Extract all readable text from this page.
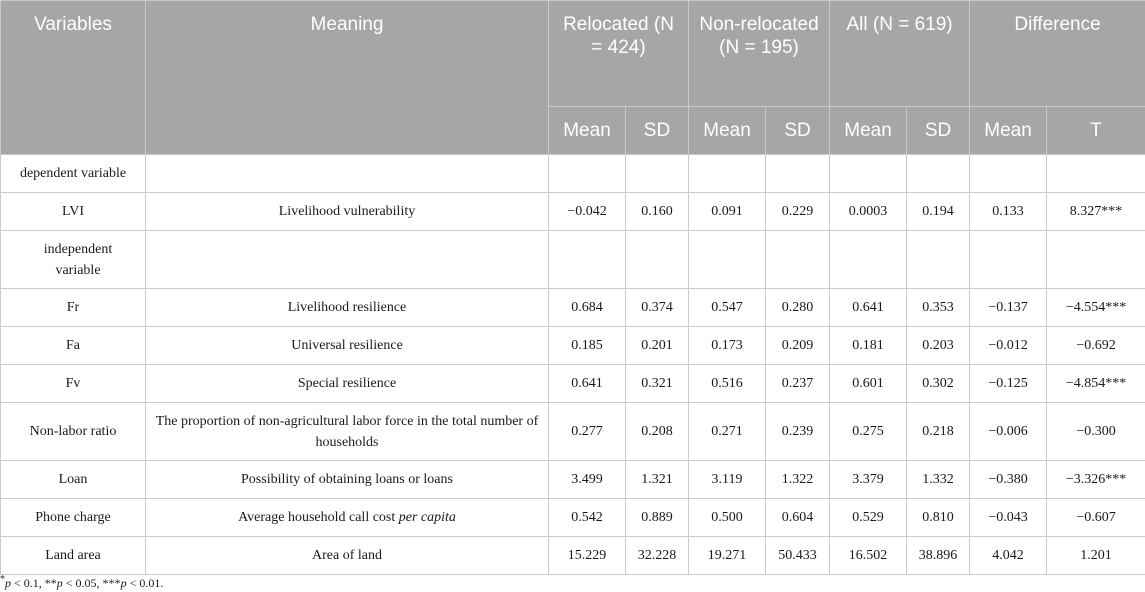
Variables	Meaning	Relocated (N = 424)		Non-relocated (N = 195)		All (N = 619)		Difference	
		Mean	SD	Mean	SD	Mean	SD	Mean	T
dependent variable									
LVI	Livelihood vulnerability	−0.042	0.160	0.091	0.229	0.0003	0.194	0.133	8.327***
independent variable									
Fr	Livelihood resilience	0.684	0.374	0.547	0.280	0.641	0.353	−0.137	−4.554***
Fa	Universal resilience	0.185	0.201	0.173	0.209	0.181	0.203	−0.012	−0.692
Fv	Special resilience	0.641	0.321	0.516	0.237	0.601	0.302	−0.125	−4.854***
Non-labor ratio	The proportion of non-agricultural labor force in the total number of households	0.277	0.208	0.271	0.239	0.275	0.218	−0.006	−0.300
Loan	Possibility of obtaining loans or loans	3.499	1.321	3.119	1.322	3.379	1.332	−0.380	−3.326***
Phone charge	Average household call cost per capita	0.542	0.889	0.500	0.604	0.529	0.810	−0.043	−0.607
Land area	Area of land	15.229	32.228	19.271	50.433	16.502	38.896	4.042	1.201
*p < 0.1, **p < 0.05, ***p < 0.01.
